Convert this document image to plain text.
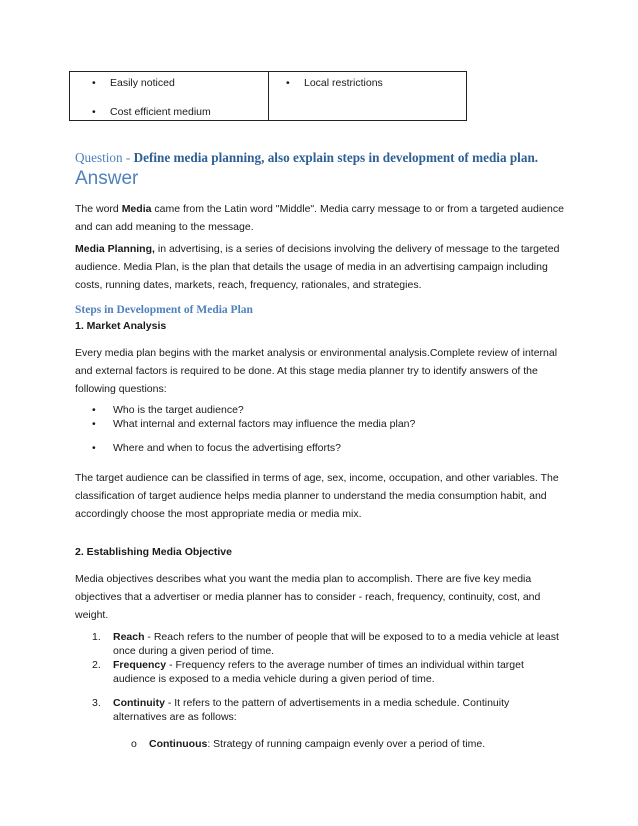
• Easily noticed
• Cost efficient medium
• Local restrictions
Question - Define media planning, also explain steps in development of media plan.
Answer
The word Media came from the Latin word "Middle". Media carry message to or from a targeted audience and can add meaning to the message.
Media Planning, in advertising, is a series of decisions involving the delivery of message to the targeted audience. Media Plan, is the plan that details the usage of media in an advertising campaign including costs, running dates, markets, reach, frequency, rationales, and strategies.
Steps in Development of Media Plan
1. Market Analysis
Every media plan begins with the market analysis or environmental analysis.Complete review of internal and external factors is required to be done. At this stage media planner try to identify answers of the following questions:
• Who is the target audience?
• What internal and external factors may influence the media plan?
• Where and when to focus the advertising efforts?
The target audience can be classified in terms of age, sex, income, occupation, and other variables. The classification of target audience helps media planner to understand the media consumption habit, and accordingly choose the most appropriate media or media mix.
2. Establishing Media Objective
Media objectives describes what you want the media plan to accomplish. There are five key media objectives that a advertiser or media planner has to consider - reach, frequency, continuity, cost, and weight.
1. Reach - Reach refers to the number of people that will be exposed to to a media vehicle at least once during a given period of time.
2. Frequency - Frequency refers to the average number of times an individual within target audience is exposed to a media vehicle during a given period of time.
3. Continuity - It refers to the pattern of advertisements in a media schedule. Continuity alternatives are as follows:
o Continuous: Strategy of running campaign evenly over a period of time.
